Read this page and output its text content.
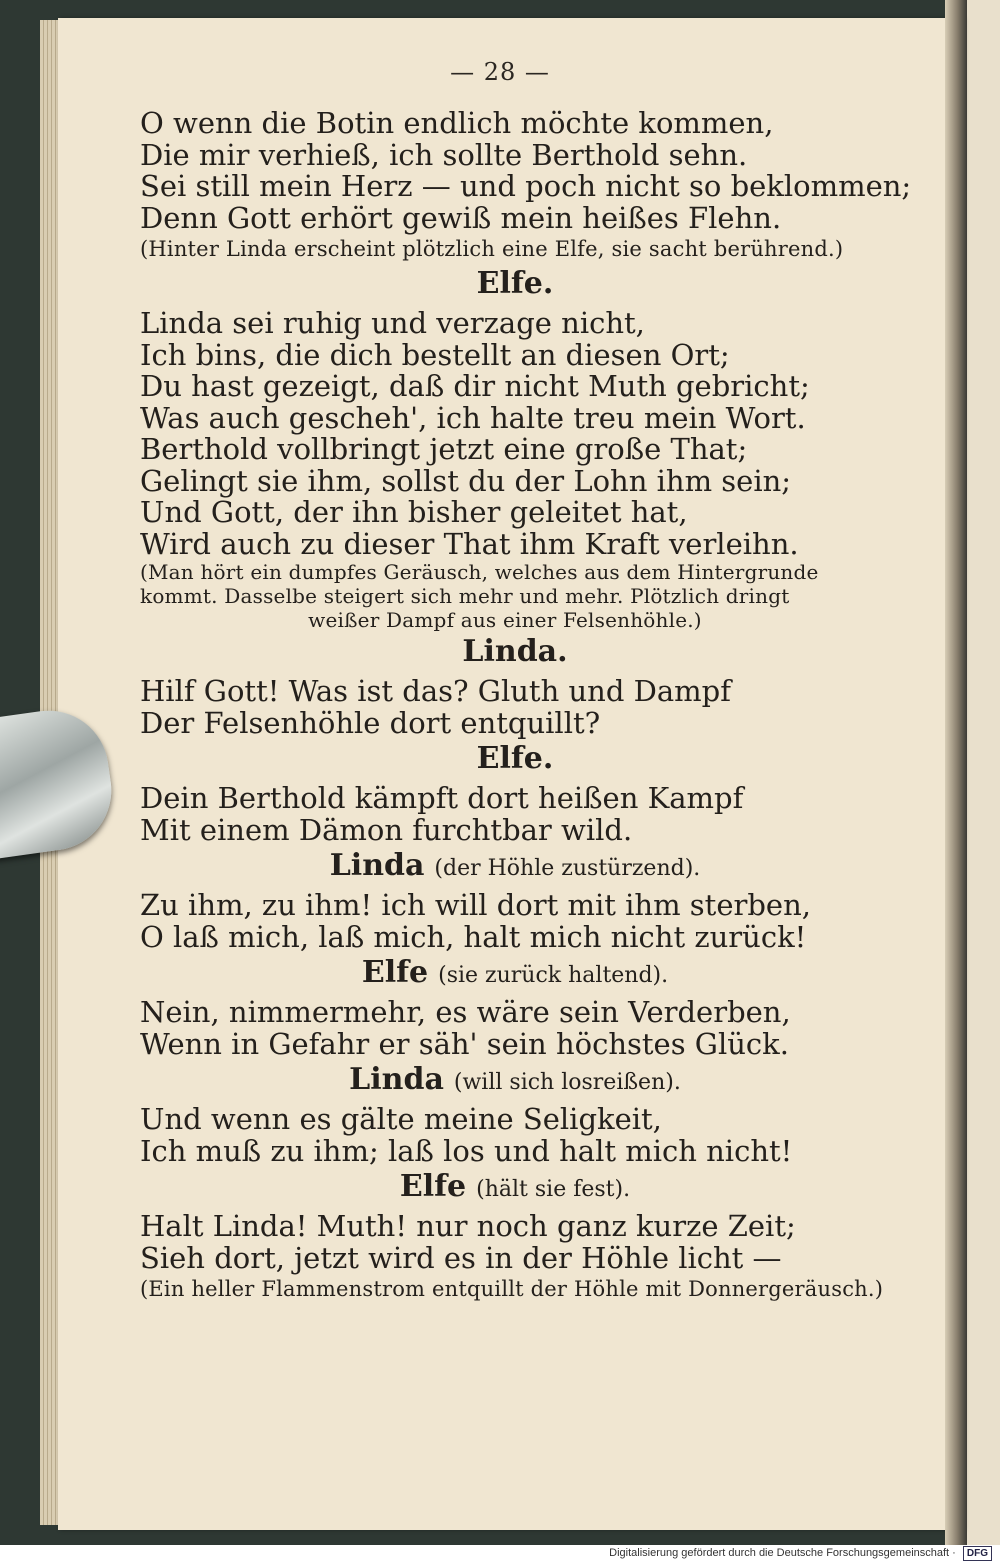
— 28 —
O wenn die Botin endlich möchte kommen,
Die mir verhieß, ich sollte Berthold sehn.
Sei still mein Herz — und poch nicht so beklommen;
Denn Gott erhört gewiß mein heißes Flehn.
(Hinter Linda erscheint plötzlich eine Elfe, sie sacht berührend.)
Elfe.
Linda sei ruhig und verzage nicht,
Ich bins, die dich bestellt an diesen Ort;
Du hast gezeigt, daß dir nicht Muth gebricht;
Was auch gescheh', ich halte treu mein Wort.
Berthold vollbringt jetzt eine große That;
Gelingt sie ihm, sollst du der Lohn ihm sein;
Und Gott, der ihn bisher geleitet hat,
Wird auch zu dieser That ihm Kraft verleihn.
(Man hört ein dumpfes Geräusch, welches aus dem Hintergrunde
kommt. Dasselbe steigert sich mehr und mehr. Plötzlich dringt
weißer Dampf aus einer Felsenhöhle.)
Linda.
Hilf Gott! Was ist das? Gluth und Dampf
Der Felsenhöhle dort entquillt?
Elfe.
Dein Berthold kämpft dort heißen Kampf
Mit einem Dämon furchtbar wild.
Linda (der Höhle zustürzend).
Zu ihm, zu ihm! ich will dort mit ihm sterben,
O laß mich, laß mich, halt mich nicht zurück!
Elfe (sie zurück haltend).
Nein, nimmermehr, es wäre sein Verderben,
Wenn in Gefahr er säh' sein höchstes Glück.
Linda (will sich losreißen).
Und wenn es gälte meine Seligkeit,
Ich muß zu ihm; laß los und halt mich nicht!
Elfe (hält sie fest).
Halt Linda! Muth! nur noch ganz kurze Zeit;
Sieh dort, jetzt wird es in der Höhle licht —
(Ein heller Flammenstrom entquillt der Höhle mit Donnergeräusch.)
Digitalisierung gefördert durch die Deutsche Forschungsgemeinschaft · DFG
